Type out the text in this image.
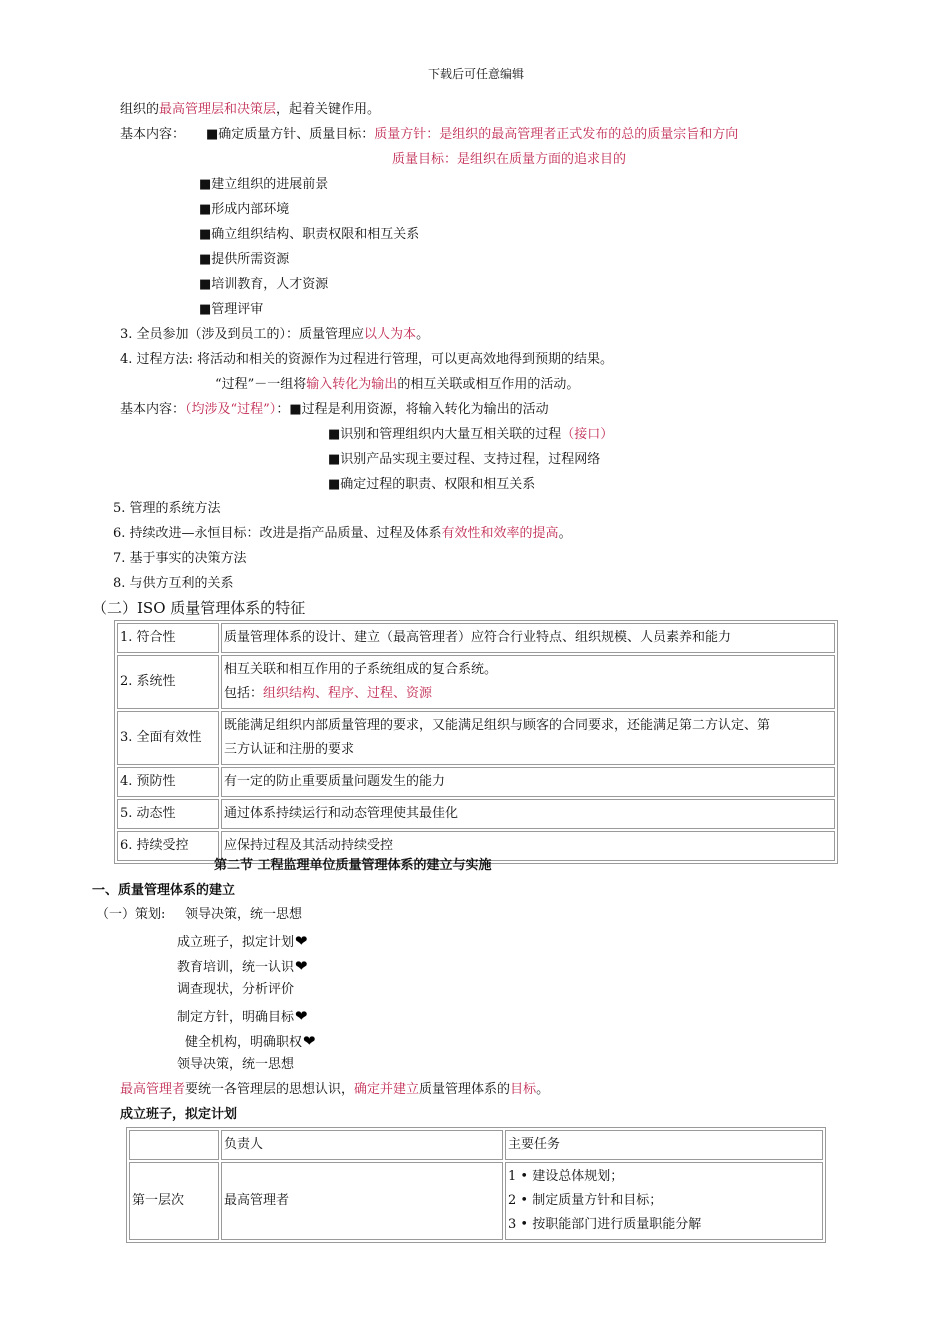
下载后可任意编辑
组织的最高管理层和决策层，起着关键作用。
基本内容： ■确定质量方针、质量目标：质量方针：是组织的最高管理者正式发布的总的质量宗旨和方向
质量目标：是组织在质量方面的追求目的
■建立组织的进展前景
■形成内部环境
■确立组织结构、职责权限和相互关系
■提供所需资源
■培训教育，人才资源
■管理评审
3. 全员参加（涉及到员工的）：质量管理应以人为本。
4. 过程方法: 将活动和相关的资源作为过程进行管理，可以更高效地得到预期的结果。
“过程”－一组将输入转化为输出的相互关联或相互作用的活动。
基本内容：（均涉及“过程”）：■过程是利用资源，将输入转化为输出的活动
■识别和管理组织内大量互相关联的过程（接口）
■识别产品实现主要过程、支持过程，过程网络
■确定过程的职责、权限和相互关系
5. 管理的系统方法
6. 持续改进—永恒目标：改进是指产品质量、过程及体系有效性和效率的提高。
7. 基于事实的决策方法
8. 与供方互利的关系
（二）ISO 质量管理体系的特征
1. 符合性	质量管理体系的设计、建立（最高管理者）应符合行业特点、组织规模、人员素养和能力
2. 系统性	相互关联和相互作用的子系统组成的复合系统。
包括：组织结构、程序、过程、资源

3. 全面有效性	既能满足组织内部质量管理的要求，又能满足组织与顾客的合同要求，还能满足第二方认定、第
三方认证和注册的要求

4. 预防性	有一定的防止重要质量问题发生的能力
5. 动态性	通过体系持续运行和动态管理使其最佳化
6. 持续受控	应保持过程及其活动持续受控
第二节 工程监理单位质量管理体系的建立与实施
一、质量管理体系的建立
（一）策划: 领导决策，统一思想
成立班子，拟定计划❤
教育培训，统一认识❤
调查现状，分析评价
制定方针，明确目标❤
健全机构，明确职权❤
领导决策，统一思想
最高管理者要统一各管理层的思想认识，确定并建立质量管理体系的目标。
成立班子，拟定计划
	负责人	主要任务
第一层次	最高管理者	1 • 建设总体规划；
2 • 制定质量方针和目标；
3 • 按职能部门进行质量职能分解
